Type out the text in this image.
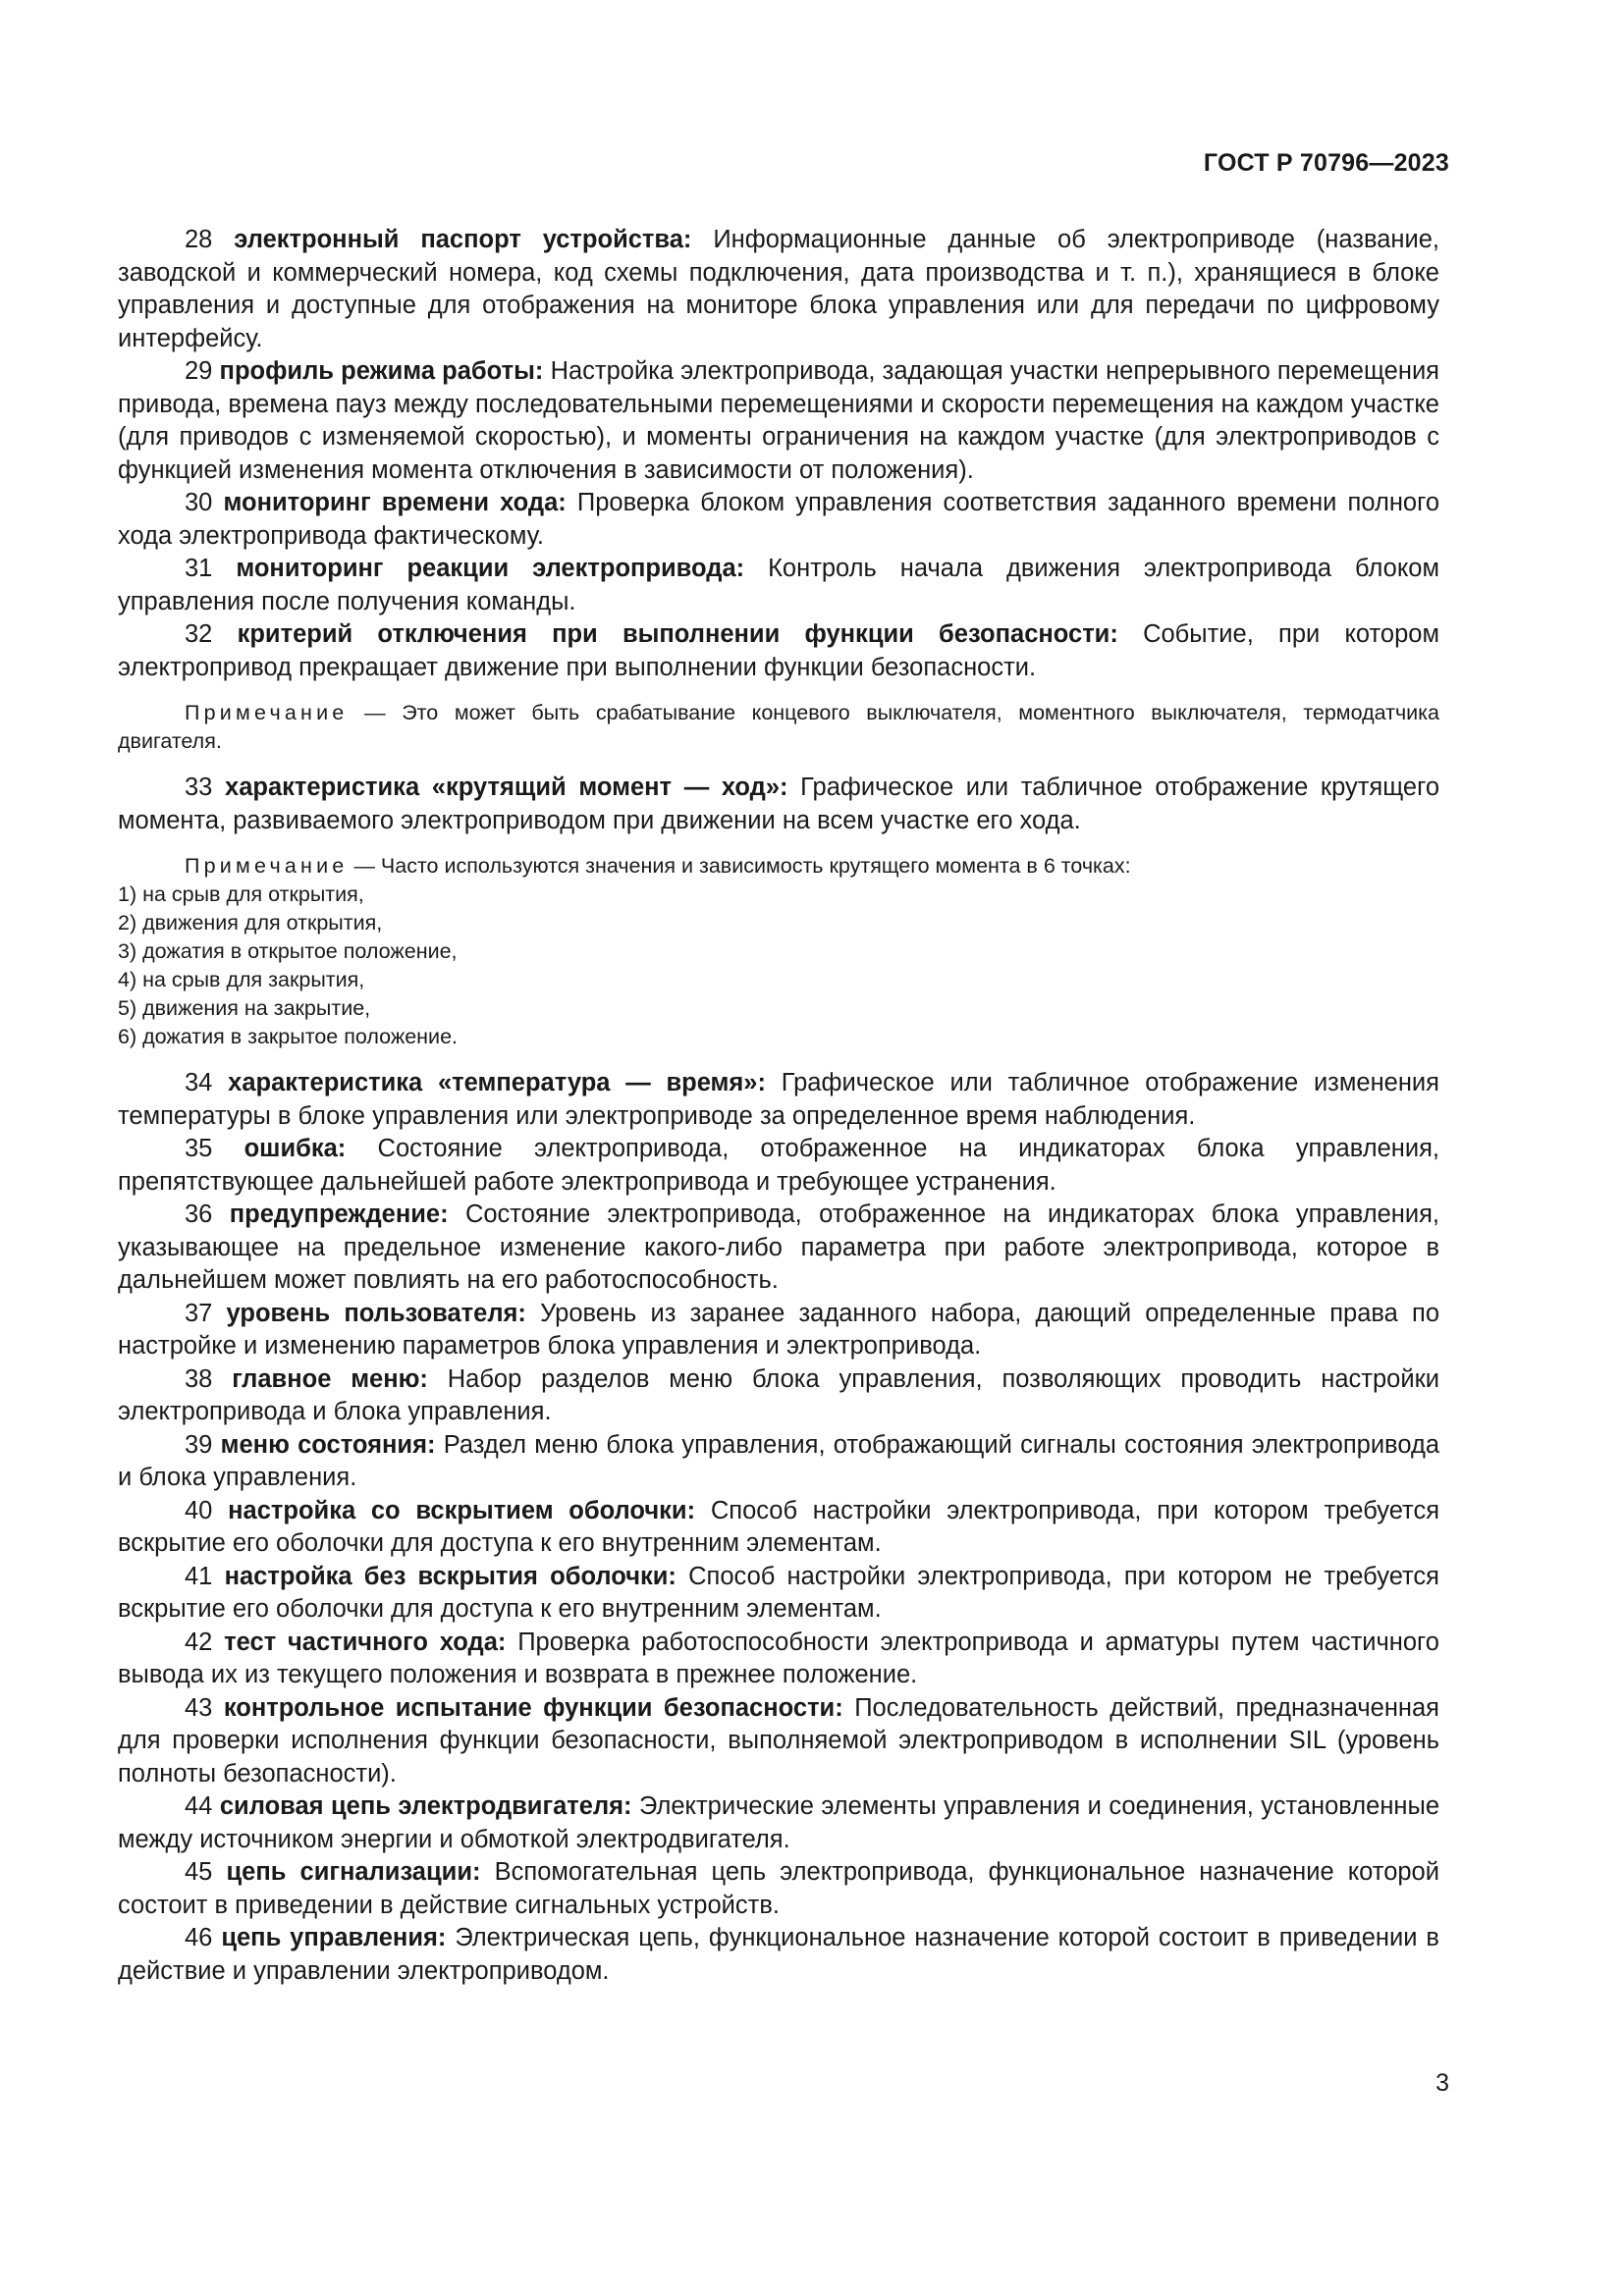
ГОСТ Р 70796—2023

28 электронный паспорт устройства: Информационные данные об электроприводе (название, заводской и коммерческий номера, код схемы подключения, дата производства и т. п.), хранящиеся в блоке управления и доступные для отображения на мониторе блока управления или для передачи по цифровому интерфейсу.

29 профиль режима работы: Настройка электропривода, задающая участки непрерывного перемещения привода, времена пауз между последовательными перемещениями и скорости перемещения на каждом участке (для приводов с изменяемой скоростью), и моменты ограничения на каждом участке (для электроприводов с функцией изменения момента отключения в зависимости от положения).

30 мониторинг времени хода: Проверка блоком управления соответствия заданного времени полного хода электропривода фактическому.

31 мониторинг реакции электропривода: Контроль начала движения электропривода блоком управления после получения команды.

32 критерий отключения при выполнении функции безопасности: Событие, при котором электропривод прекращает движение при выполнении функции безопасности.

Примечание — Это может быть срабатывание концевого выключателя, моментного выключателя, термодатчика двигателя.

33 характеристика «крутящий момент — ход»: Графическое или табличное отображение крутящего момента, развиваемого электроприводом при движении на всем участке его хода.

Примечание — Часто используются значения и зависимость крутящего момента в 6 точках:

1) на срыв для открытия,
2) движения для открытия,
3) дожатия в открытое положение,
4) на срыв для закрытия,
5) движения на закрытие,
6) дожатия в закрытое положение.

34 характеристика «температура — время»: Графическое или табличное отображение изменения температуры в блоке управления или электроприводе за определенное время наблюдения.

35 ошибка: Состояние электропривода, отображенное на индикаторах блока управления, препятствующее дальнейшей работе электропривода и требующее устранения.

36 предупреждение: Состояние электропривода, отображенное на индикаторах блока управления, указывающее на предельное изменение какого-либо параметра при работе электропривода, которое в дальнейшем может повлиять на его работоспособность.

37 уровень пользователя: Уровень из заранее заданного набора, дающий определенные права по настройке и изменению параметров блока управления и электропривода.

38 главное меню: Набор разделов меню блока управления, позволяющих проводить настройки электропривода и блока управления.

39 меню состояния: Раздел меню блока управления, отображающий сигналы состояния электропривода и блока управления.

40 настройка со вскрытием оболочки: Способ настройки электропривода, при котором требуется вскрытие его оболочки для доступа к его внутренним элементам.

41 настройка без вскрытия оболочки: Способ настройки электропривода, при котором не требуется вскрытие его оболочки для доступа к его внутренним элементам.

42 тест частичного хода: Проверка работоспособности электропривода и арматуры путем частичного вывода их из текущего положения и возврата в прежнее положение.

43 контрольное испытание функции безопасности: Последовательность действий, предназначенная для проверки исполнения функции безопасности, выполняемой электроприводом в исполнении SIL (уровень полноты безопасности).

44 силовая цепь электродвигателя: Электрические элементы управления и соединения, установленные между источником энергии и обмоткой электродвигателя.

45 цепь сигнализации: Вспомогательная цепь электропривода, функциональное назначение которой состоит в приведении в действие сигнальных устройств.

46 цепь управления: Электрическая цепь, функциональное назначение которой состоит в приведении в действие и управлении электроприводом.

3
